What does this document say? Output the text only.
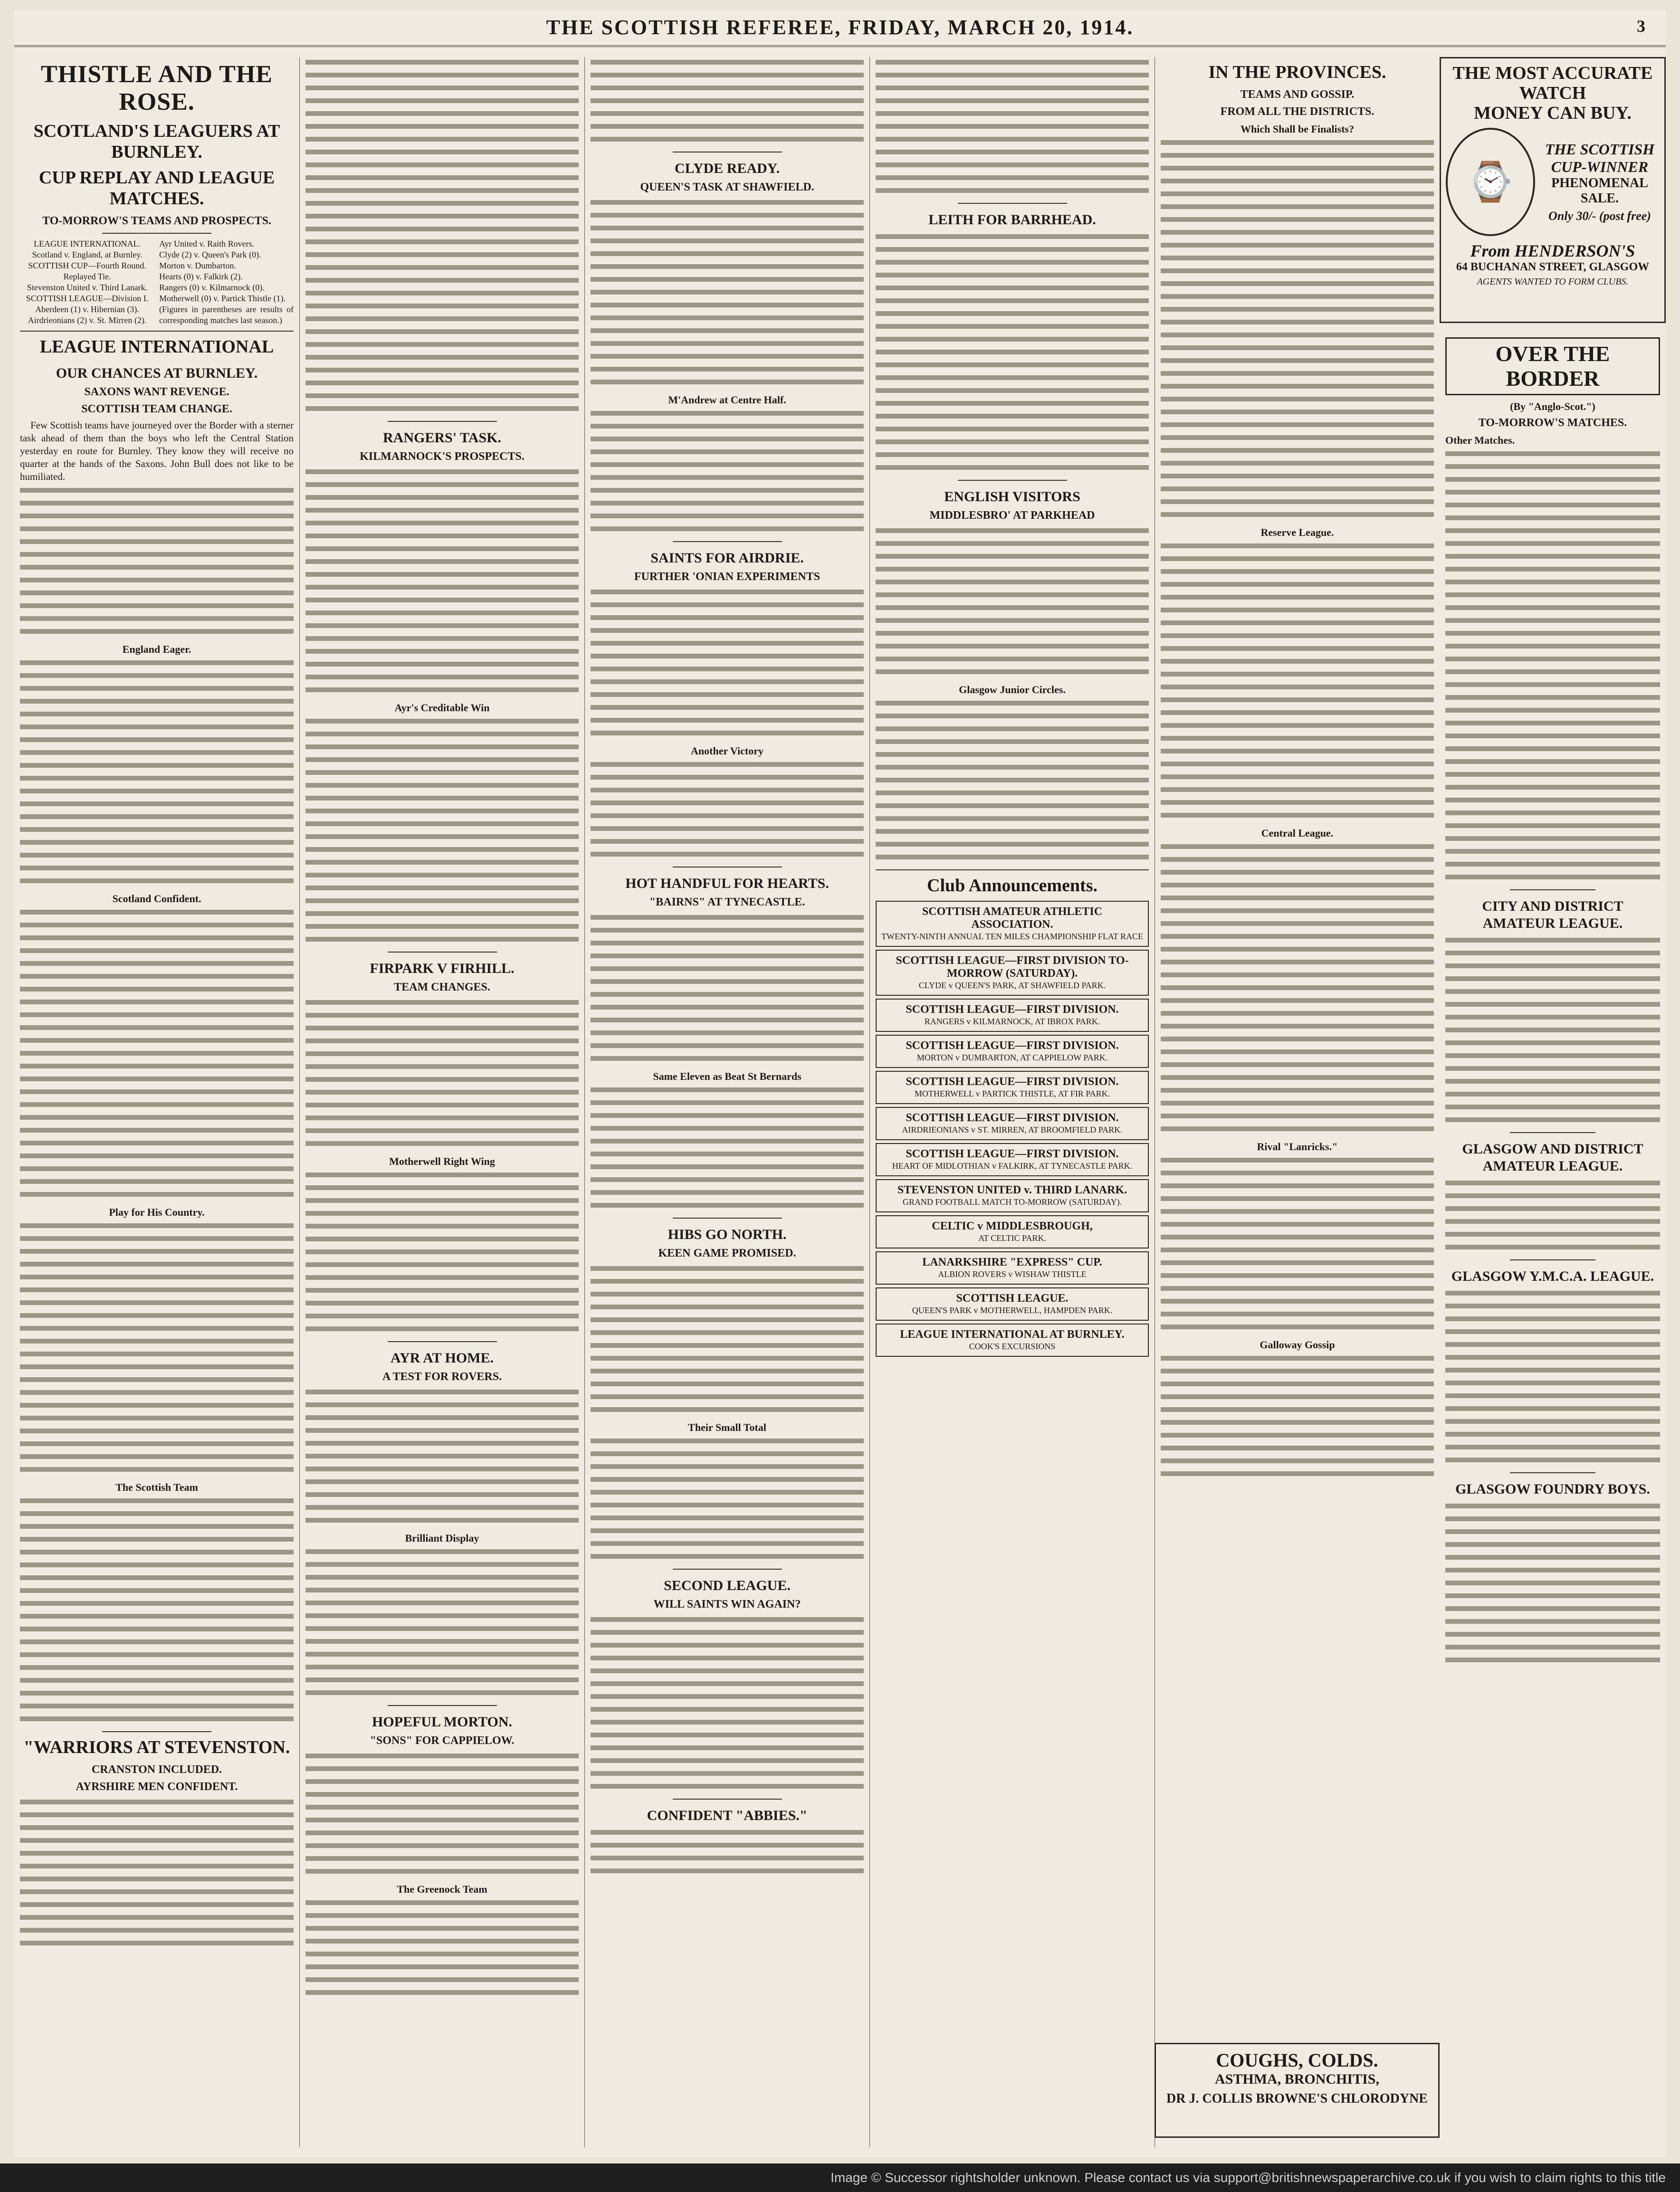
THE SCOTTISH REFEREE, FRIDAY, MARCH 20, 1914.	3
THISTLE AND THE ROSE.
SCOTLAND'S LEAGUERS AT BURNLEY.
CUP REPLAY AND LEAGUE MATCHES.
TO-MORROW'S TEAMS AND PROSPECTS.
LEAGUE INTERNATIONAL.
Scotland v. England, at Burnley.
SCOTTISH CUP—Fourth Round.
Replayed Tie.
Stevenston United v. Third Lanark.
SCOTTISH LEAGUE—Division I.
Aberdeen (1) v. Hibernian (3).
Airdrieonians (2) v. St. Mirren (2).
Ayr United v. Raith Rovers.
Clyde (2) v. Queen's Park (0).
Morton v. Dumbarton.
Hearts (0) v. Falkirk (2).
Rangers (0) v. Kilmarnock (0).
Motherwell (0) v. Partick Thistle (1).
(Figures in parentheses are results of corresponding matches last season.)
LEAGUE INTERNATIONAL
OUR CHANCES AT BURNLEY.
SAXONS WANT REVENGE.
SCOTTISH TEAM CHANGE.

Few Scottish teams have journeyed over the Border with a sterner task ahead of them than the boys who left the Central Station yesterday en route for Burnley. They know they will receive no quarter at the hands of the Saxons. John Bull does not like to be humiliated.

England Eager.
Scotland Confident.
Play for His Country.
The Scottish Team
"WARRIORS AT STEVENSTON.
CRANSTON INCLUDED.
AYRSHIRE MEN CONFIDENT.
RANGERS' TASK.
KILMARNOCK'S PROSPECTS.
Ayr's Creditable Win
FIRPARK V FIRHILL.
TEAM CHANGES.
Motherwell Right Wing
AYR AT HOME.
A TEST FOR ROVERS.
Brilliant Display
HOPEFUL MORTON.
"SONS" FOR CAPPIELOW.
The Greenock Team
CLYDE READY.
QUEEN'S TASK AT SHAWFIELD.
M'Andrew at Centre Half.
SAINTS FOR AIRDRIE.
FURTHER 'ONIAN EXPERIMENTS
Another Victory
HOT HANDFUL FOR HEARTS.
"BAIRNS" AT TYNECASTLE.
Same Eleven as Beat St Bernards
HIBS GO NORTH.
KEEN GAME PROMISED.
Their Small Total
SECOND LEAGUE.
WILL SAINTS WIN AGAIN?
CONFIDENT "ABBIES."
LEITH FOR BARRHEAD.
ENGLISH VISITORS
MIDDLESBRO' AT PARKHEAD
Glasgow Junior Circles.
Club Announcements.
SCOTTISH AMATEUR ATHLETIC ASSOCIATION.
TWENTY-NINTH ANNUAL TEN MILES CHAMPIONSHIP FLAT RACE
SCOTTISH LEAGUE—FIRST DIVISION TO-MORROW (SATURDAY).
CLYDE v QUEEN'S PARK, AT SHAWFIELD PARK.
SCOTTISH LEAGUE—FIRST DIVISION.
RANGERS v KILMARNOCK, AT IBROX PARK.
SCOTTISH LEAGUE—FIRST DIVISION.
MORTON v DUMBARTON, AT CAPPIELOW PARK.
SCOTTISH LEAGUE—FIRST DIVISION.
MOTHERWELL v PARTICK THISTLE, AT FIR PARK.
SCOTTISH LEAGUE—FIRST DIVISION.
AIRDRIEONIANS v ST. MIRREN, AT BROOMFIELD PARK.
SCOTTISH LEAGUE—FIRST DIVISION.
HEART OF MIDLOTHIAN v FALKIRK, AT TYNECASTLE PARK.
STEVENSTON UNITED v. THIRD LANARK.
GRAND FOOTBALL MATCH TO-MORROW (SATURDAY).
CELTIC v MIDDLESBROUGH,
AT CELTIC PARK.
LANARKSHIRE "EXPRESS" CUP.
ALBION ROVERS v WISHAW THISTLE
SCOTTISH LEAGUE.
QUEEN'S PARK v MOTHERWELL, HAMPDEN PARK.
LEAGUE INTERNATIONAL AT BURNLEY.
COOK'S EXCURSIONS
IN THE PROVINCES.
TEAMS AND GOSSIP.
FROM ALL THE DISTRICTS.
Which Shall be Finalists?
Reserve League.
Central League.
Rival "Lanricks."
Galloway Gossip
COUGHS, COLDS.
ASTHMA, BRONCHITIS,
DR J. COLLIS BROWNE'S CHLORODYNE
OVER THE BORDER
(By "Anglo-Scot.")
TO-MORROW'S MATCHES.
Other Matches.
CITY AND DISTRICT AMATEUR LEAGUE.
GLASGOW AND DISTRICT AMATEUR LEAGUE.
GLASGOW Y.M.C.A. LEAGUE.
GLASGOW FOUNDRY BOYS.
THE MOST ACCURATE WATCH
MONEY CAN BUY.
⌚
THE SCOTTISH CUP-WINNER
PHENOMENAL SALE.
Only 30/- (post free)
From HENDERSON'S
64 BUCHANAN STREET, GLASGOW
AGENTS WANTED TO FORM CLUBS.
Image © Successor rightsholder unknown. Please contact us via support@britishnewspaperarchive.co.uk if you wish to claim rights to this title
